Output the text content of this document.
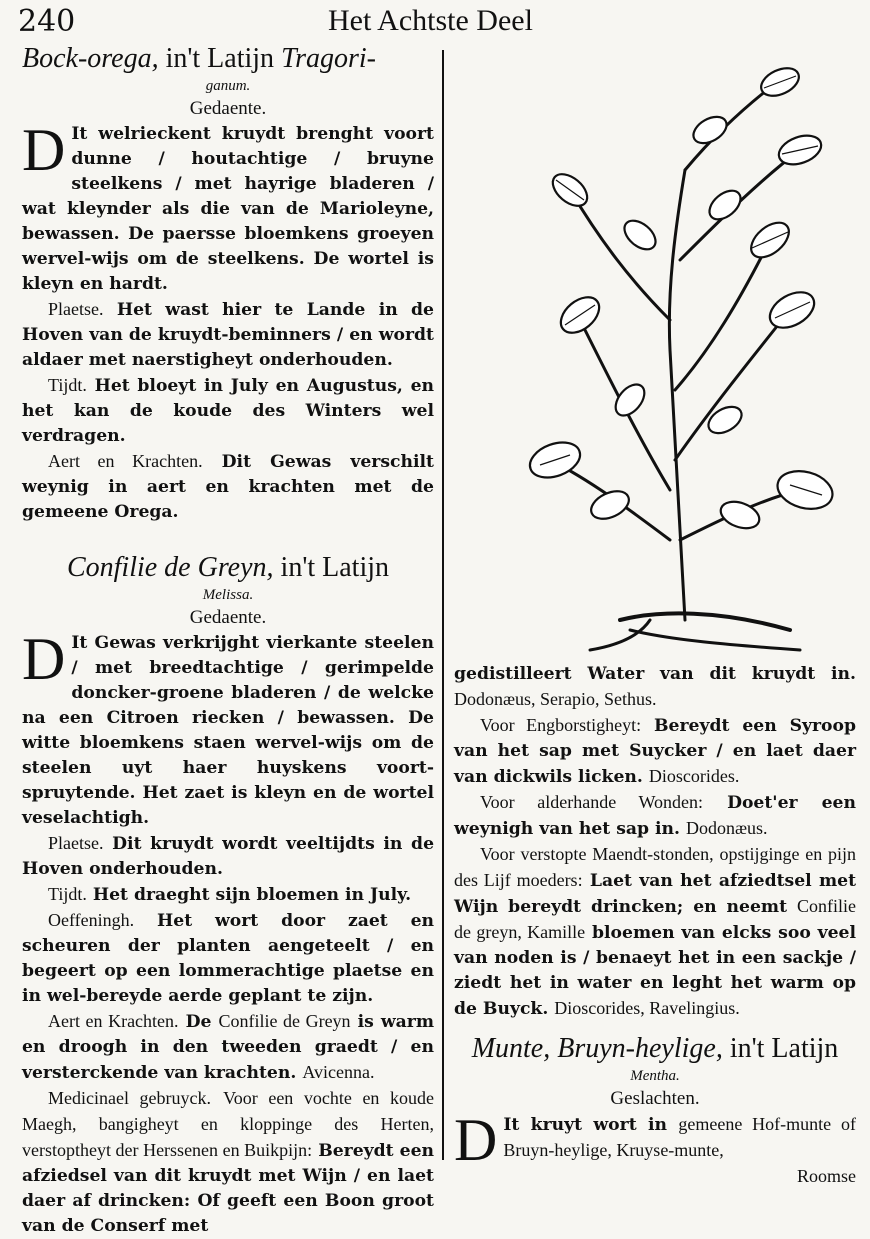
240	Het Achtste Deel
Bock-orega, in't Latijn Tragori-
ganum.
Gedaente.

D It welrieckent kruydt brenght voort dunne / houtachtige / bruyne steelkens / met hayrige bladeren / wat kleynder als die van de Marioleyne, bewassen. De paersse bloemkens groeyen wervel-wijs om de steelkens. De wortel is kleyn en hardt.

Plaetse. Het wast hier te Lande in de Hoven van de kruydt-beminners / en wordt aldaer met naerstigheyt onderhouden.

Tijdt. Het bloeyt in July en Augustus, en het kan de koude des Winters wel verdragen.

Aert en Krachten. Dit Gewas verschilt weynig in aert en krachten met de gemeene Orega.

Confilie de Greyn, in't Latijn
Melissa.
Gedaente.

D It Gewas verkrijght vierkante steelen / met breedtachtige / gerimpelde doncker-groene bladeren / de welcke na een Citroen riecken / bewassen. De witte bloemkens staen wervel-wijs om de steelen uyt haer huyskens voort-spruytende. Het zaet is kleyn en de wortel veselachtigh.

Plaetse. Dit kruydt wordt veeltijdts in de Hoven onderhouden.

Tijdt. Het draeght sijn bloemen in July.

Oeffeningh. Het wort door zaet en scheuren der planten aengeteelt / en begeert op een lommerachtige plaetse en in wel-bereyde aerde geplant te zijn.

Aert en Krachten. De Confilie de Greyn is warm en droogh in den tweeden graedt / en versterckende van krachten. Avicenna.

Medicinael gebruyck. Voor een vochte en koude Maegh, bangigheyt en kloppinge des Herten, verstoptheyt der Herssenen en Buikpijn: Bereydt een afziedsel van dit kruydt met Wijn / en laet daer af drincken: Of geeft een Boon groot van de Conserf met

gedistilleert Water van dit kruydt in. Dodonæus, Serapio, Sethus.

Voor Engborstigheyt: Bereydt een Syroop van het sap met Suycker / en laet daer van dickwils licken. Dioscorides.

Voor alderhande Wonden: Doet'er een weynigh van het sap in. Dodonæus.

Voor verstopte Maendt-stonden, opstijginge en pijn des Lijf moeders: Laet van het afziedtsel met Wijn bereydt drincken; en neemt Confilie de greyn, Kamille bloemen van elcks soo veel van noden is / benaeyt het in een sackje / ziedt het in water en leght het warm op de Buyck. Dioscorides, Ravelingius.

Munte, Bruyn-heylige, in't Latijn
Mentha.
Geslachten.

D It kruyt wort in gemeene Hof-munte of Bruyn-heylige, Kruyse-munte,

Roomse
